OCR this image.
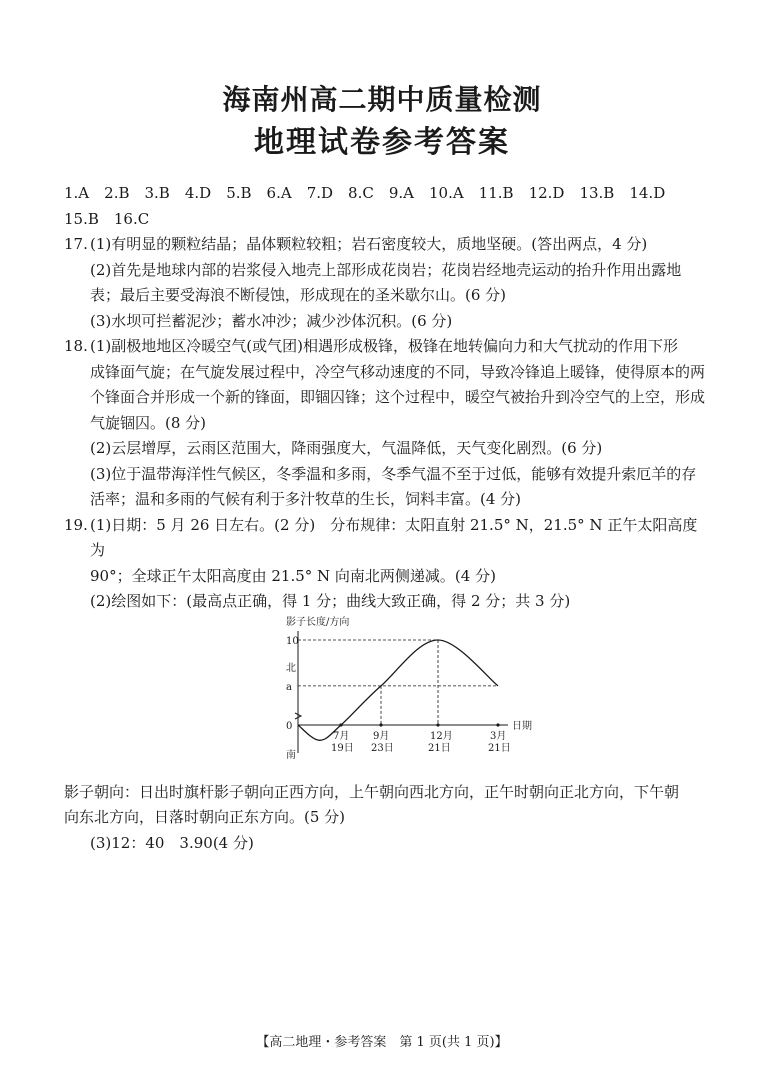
海南州高二期中质量检测
地理试卷参考答案
1.A 2.B 3.B 4.D 5.B 6.A 7.D 8.C 9.A 10.A 11.B 12.D 13.B 14.D
15.B 16.C
17. (1)有明显的颗粒结晶；晶体颗粒较粗；岩石密度较大，质地坚硬。(答出两点，4 分)
(2)首先是地球内部的岩浆侵入地壳上部形成花岗岩；花岗岩经地壳运动的抬升作用出露地
表；最后主要受海浪不断侵蚀，形成现在的圣米歇尔山。(6 分)
(3)水坝可拦蓄泥沙；蓄水冲沙；减少沙体沉积。(6 分)
18. (1)副极地地区冷暖空气(或气团)相遇形成极锋，极锋在地转偏向力和大气扰动的作用下形
成锋面气旋；在气旋发展过程中，冷空气移动速度的不同，导致冷锋追上暖锋，使得原本的两
个锋面合并形成一个新的锋面，即锢囚锋；这个过程中，暖空气被抬升到冷空气的上空，形成
气旋锢囚。(8 分)
(2)云层增厚，云雨区范围大，降雨强度大，气温降低，天气变化剧烈。(6 分)
(3)位于温带海洋性气候区，冬季温和多雨，冬季气温不至于过低，能够有效提升索厄羊的存
活率；温和多雨的气候有利于多汁牧草的生长，饲料丰富。(4 分)
19. (1)日期：5 月 26 日左右。(2 分)　分布规律：太阳直射 21.5° N，21.5° N 正午太阳高度为
90°；全球正午太阳高度由 21.5° N 向南北两侧递减。(4 分)
(2)绘图如下：(最高点正确，得 1 分；曲线大致正确，得 2 分；共 3 分)
影子长度/方向
日期
10
北
a
0
南
7月
19日
9月
23日
12月
21日
3月
21日
影子朝向：日出时旗杆影子朝向正西方向，上午朝向西北方向，正午时朝向正北方向，下午朝
向东北方向，日落时朝向正东方向。(5 分)
(3)12：40　3.90(4 分)
【高二地理・参考答案　第 1 页(共 1 页)】
